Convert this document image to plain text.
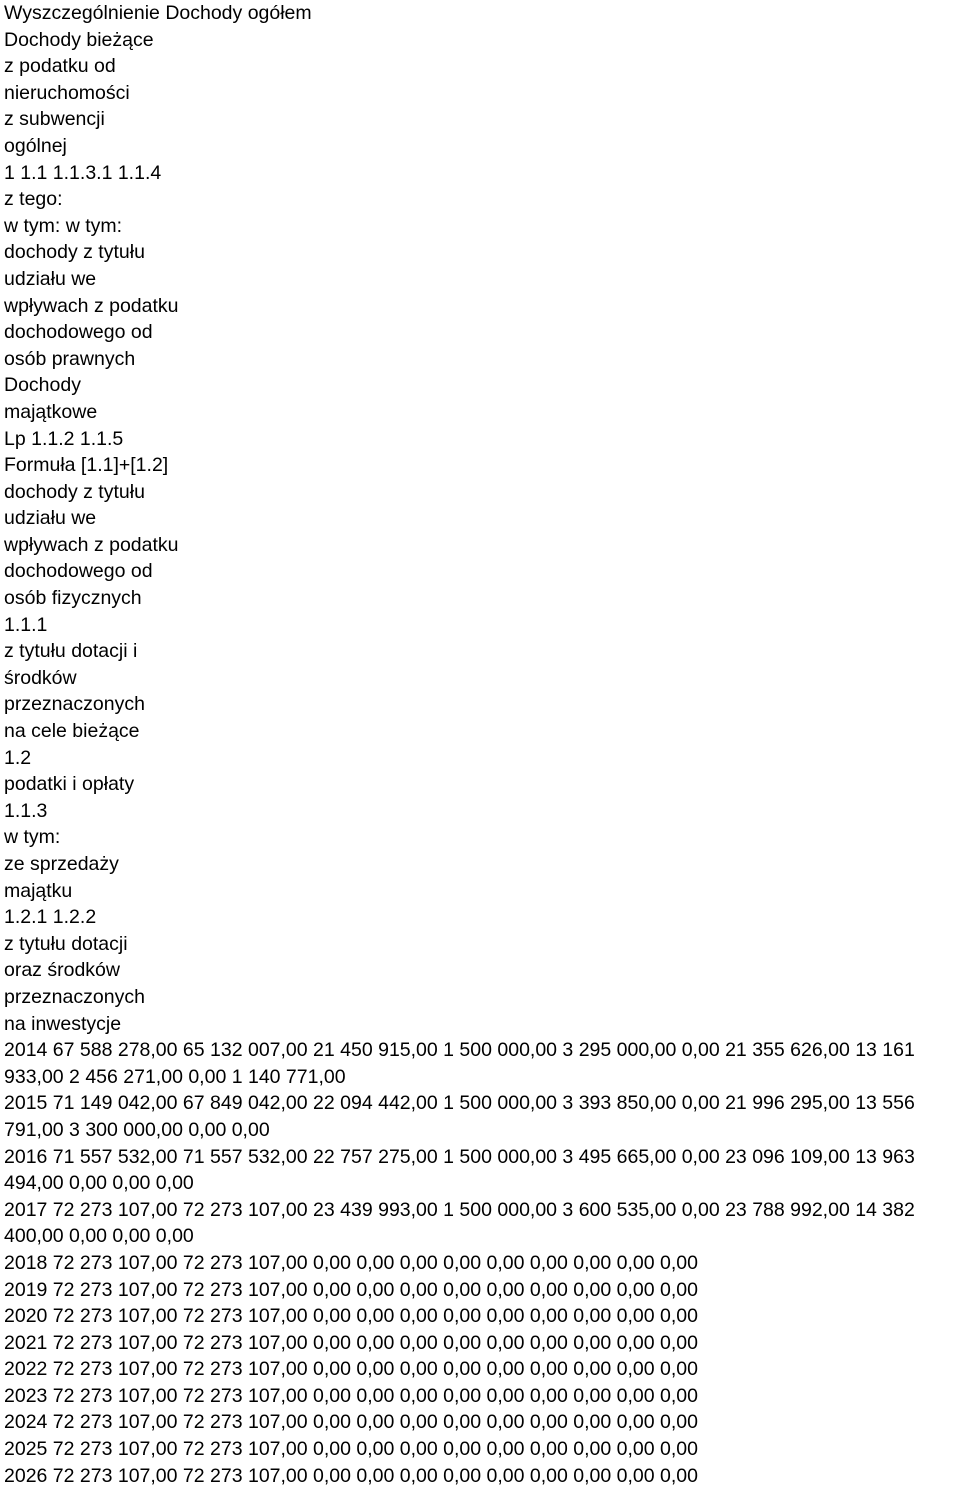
Wyszczególnienie Dochody ogółem
Dochody bieżące
z podatku od
nieruchomości
z subwencji
ogólnej
1 1.1 1.1.3.1 1.1.4
z tego:
w tym: w tym:
dochody z tytułu
udziału we
wpływach z podatku
dochodowego od
osób prawnych
Dochody
majątkowe
Lp 1.1.2 1.1.5
Formuła [1.1]+[1.2]
dochody z tytułu
udziału we
wpływach z podatku
dochodowego od
osób fizycznych
1.1.1
z tytułu dotacji i
środków
przeznaczonych
na cele bieżące
1.2
podatki i opłaty
1.1.3
w tym:
ze sprzedaży
majątku
1.2.1 1.2.2
z tytułu dotacji
oraz środków
przeznaczonych
na inwestycje
2014 67 588 278,00 65 132 007,00 21 450 915,00 1 500 000,00 3 295 000,00 0,00 21 355 626,00 13 161 933,00 2 456 271,00 0,00 1 140 771,00
2015 71 149 042,00 67 849 042,00 22 094 442,00 1 500 000,00 3 393 850,00 0,00 21 996 295,00 13 556 791,00 3 300 000,00 0,00 0,00
2016 71 557 532,00 71 557 532,00 22 757 275,00 1 500 000,00 3 495 665,00 0,00 23 096 109,00 13 963 494,00 0,00 0,00 0,00
2017 72 273 107,00 72 273 107,00 23 439 993,00 1 500 000,00 3 600 535,00 0,00 23 788 992,00 14 382 400,00 0,00 0,00 0,00
2018 72 273 107,00 72 273 107,00 0,00 0,00 0,00 0,00 0,00 0,00 0,00 0,00 0,00
2019 72 273 107,00 72 273 107,00 0,00 0,00 0,00 0,00 0,00 0,00 0,00 0,00 0,00
2020 72 273 107,00 72 273 107,00 0,00 0,00 0,00 0,00 0,00 0,00 0,00 0,00 0,00
2021 72 273 107,00 72 273 107,00 0,00 0,00 0,00 0,00 0,00 0,00 0,00 0,00 0,00
2022 72 273 107,00 72 273 107,00 0,00 0,00 0,00 0,00 0,00 0,00 0,00 0,00 0,00
2023 72 273 107,00 72 273 107,00 0,00 0,00 0,00 0,00 0,00 0,00 0,00 0,00 0,00
2024 72 273 107,00 72 273 107,00 0,00 0,00 0,00 0,00 0,00 0,00 0,00 0,00 0,00
2025 72 273 107,00 72 273 107,00 0,00 0,00 0,00 0,00 0,00 0,00 0,00 0,00 0,00
2026 72 273 107,00 72 273 107,00 0,00 0,00 0,00 0,00 0,00 0,00 0,00 0,00 0,00
